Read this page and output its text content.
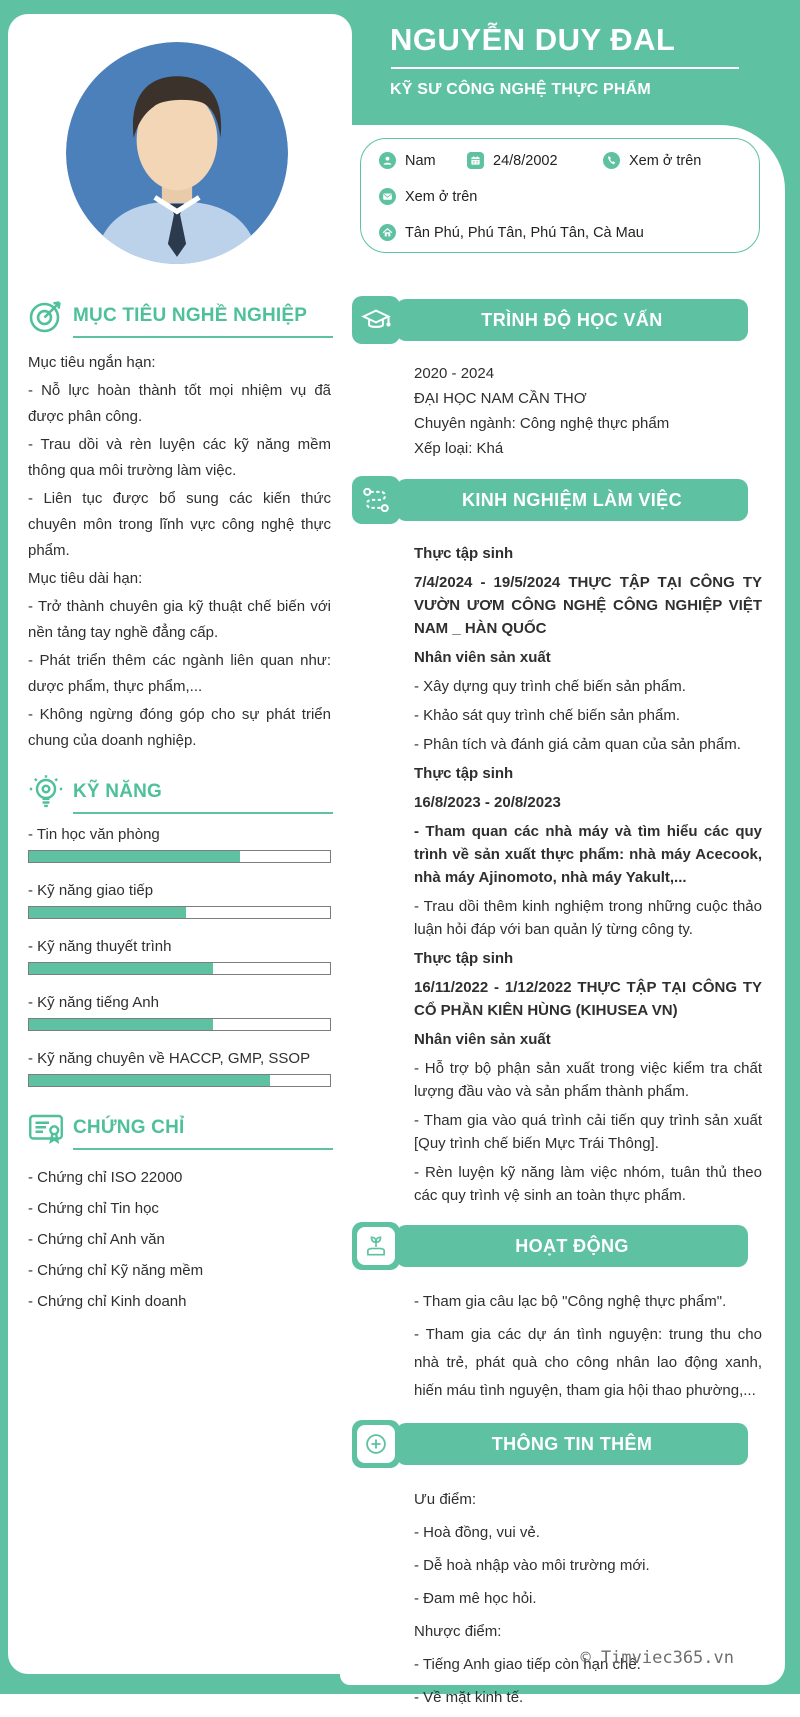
NGUYỄN DUY ĐAL
KỸ SƯ CÔNG NGHỆ THỰC PHẨM
Nam	24/8/2002	Xem ở trên
Xem ở trên
Tân Phú, Phú Tân, Phú Tân, Cà Mau
MỤC TIÊU NGHỀ NGHIỆP

Mục tiêu ngắn hạn:

- Nỗ lực hoàn thành tốt mọi nhiệm vụ đã được phân công.

- Trau dồi và rèn luyện các kỹ năng mềm thông qua môi trường làm việc.

- Liên tục được bổ sung các kiến thức chuyên môn trong lĩnh vực công nghệ thực phẩm.

Mục tiêu dài hạn:

- Trở thành chuyên gia kỹ thuật chế biến với nền tảng tay nghề đẳng cấp.

- Phát triển thêm các ngành liên quan như: dược phẩm, thực phẩm,...

- Không ngừng đóng góp cho sự phát triển chung của doanh nghiệp.

KỸ NĂNG

- Tin học văn phòng

- Kỹ năng giao tiếp

- Kỹ năng thuyết trình

- Kỹ năng tiếng Anh

- Kỹ năng chuyên về HACCP, GMP, SSOP

CHỨNG CHỈ

- Chứng chỉ ISO 22000

- Chứng chỉ Tin học

- Chứng chỉ Anh văn

- Chứng chỉ Kỹ năng mềm

- Chứng chỉ Kinh doanh

TRÌNH ĐỘ HỌC VẤN

2020 - 2024

ĐẠI HỌC NAM CẦN THƠ

Chuyên ngành: Công nghệ thực phẩm

Xếp loại: Khá

KINH NGHIỆM LÀM VIỆC

Thực tập sinh

7/4/2024 - 19/5/2024 THỰC TẬP TẠI CÔNG TY VƯỜN ƯƠM CÔNG NGHỆ CÔNG NGHIỆP VIỆT NAM _ HÀN QUỐC

Nhân viên sản xuất

- Xây dựng quy trình chế biến sản phẩm.

- Khảo sát quy trình chế biến sản phẩm.

- Phân tích và đánh giá cảm quan của sản phẩm.

Thực tập sinh

16/8/2023 - 20/8/2023

- Tham quan các nhà máy và tìm hiểu các quy trình về sản xuất thực phẩm: nhà máy Acecook, nhà máy Ajinomoto, nhà máy Yakult,...

- Trau dồi thêm kinh nghiệm trong những cuộc thảo luận hỏi đáp với ban quản lý từng công ty.

Thực tập sinh

16/11/2022 - 1/12/2022 THỰC TẬP TẠI CÔNG TY CỔ PHẦN KIÊN HÙNG (KIHUSEA VN)

Nhân viên sản xuất

- Hỗ trợ bộ phận sản xuất trong việc kiểm tra chất lượng đầu vào và sản phẩm thành phẩm.

- Tham gia vào quá trình cải tiến quy trình sản xuất [Quy trình chế biến Mực Trái Thông].

- Rèn luyện kỹ năng làm việc nhóm, tuân thủ theo các quy trình vệ sinh an toàn thực phẩm.

HOẠT ĐỘNG

- Tham gia câu lạc bộ "Công nghệ thực phẩm".

- Tham gia các dự án tình nguyện: trung thu cho nhà trẻ, phát quà cho công nhân lao động xanh, hiến máu tình nguyện, tham gia hội thao phường,...

THÔNG TIN THÊM

Ưu điểm:

- Hoà đồng, vui vẻ.

- Dễ hoà nhập vào môi trường mới.

- Đam mê học hỏi.

Nhược điểm:

- Tiếng Anh giao tiếp còn hạn chế.

- Về mặt kinh tế.

© Timviec365.vn
